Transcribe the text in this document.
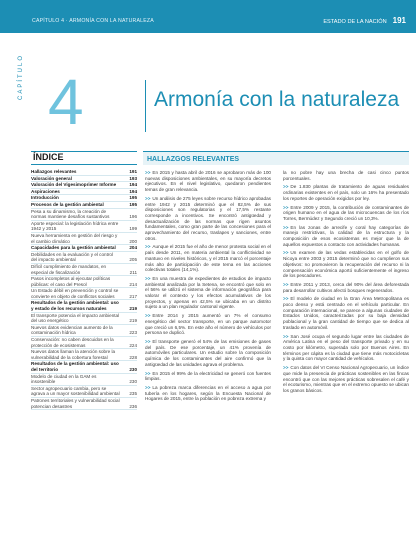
CAPÍTULO 4 · ARMONÍA CON LA NATURALEZA	ESTADO DE LA NACIÓN 191
CAPÍTULO 4	Armonía con la naturaleza
ÍNDICE
Hallazgos relevantes	191
Valoración general	193
Valoración del Vigesimoprimer Informe	194
Aspiraciones	194
Introducción	195
Procesos de la gestión ambiental	195
Pesa a su dinamismo, la creación de normas mantiene desafíos sustantivos	196
Aporte especial: la legislación hídrica entre 1942 y 2015	199
Nueva herramienta en gestión del riesgo y el cambio climático	200
Capacidades para la gestión ambiental	204
Debilidades en la evaluación y el control del impacto ambiental	205
Difícil cumplimiento de mandatos, en especial de fiscalización	211
Pasos incompletos al ejecutar políticas públicas: el caso del Presol	214
Un Estado débil en prevención y control se convierte en objeto de conflictos sociales	217
Resultados de la gestión ambiental: uso y estado de los recursos naturales	219
El transporte potencia el impacto ambiental del uso energético	219
Nuevos datos evidencian aumento de la contaminación hídrica	223
Conservación: no caben descuidos en la protección de ecosistemas	224
Nuevos datos llaman la atención sobre la vulnerabilidad de la cobertura forestal	228
Resultados de la gestión ambiental: uso del territorio	230
Modelo de ciudad en la GAM es insostenible	230
Sector agropecuario cambia, pero se agrava a un mayor sostenibilidad ambiental	235
Patrones territoriales y vulnerabilidad social potencian desastres	236
HALLAZGOS RELEVANTES

>> En 2015 y hasta abril de 2016 se aprobaron más de 100 nuevas disposiciones ambientales, en su mayoría decretos ejecutivos. En el nivel legislativo, quedaron pendientes temas de gran relevancia.

>> Un análisis de 275 leyes sobre recurso hídrico aprobadas entre 1942 y 2015 determinó que el 82,5% de sus disposiciones son regulatorias y el 17,5% restante corresponde a incentivos. Se encontró antigüedad y desactualización de las normas que rigen asuntos fundamentales, como gran parte de las concesiones para el aprovechamiento del recurso, traslapes y sanciones, entre otros.

>> Aunque el 2015 fue el año de menor protesta social en el país desde 2011, en materia ambiental la conflictividad se mantuvo en niveles históricos, y el 2015 marcó el porcentaje más alto de participación de este tema en las acciones colectivas totales (14,1%).

>> En una muestra de expedientes de estudios de impacto ambiental analizada por la Setena, se encontró que solo en el 56% se utilizó el sistema de información geográfica para valorar el contexto y los efectos acumulativos de los proyectos, y apenas en 42,5% se ubicaba en un distrito sujeto a un plan regulador cantonal vigente.

>> Entre 2014 y 2015 aumentó un 7% el consumo energético del sector transporte, en un parque automotor que creció un 6,5%. En este año el número de vehículos por persona se duplicó.

>> El transporte generó el 54% de las emisiones de gases del país. De ese porcentaje, un 41% provenía de automóviles particulares. Un estudio sobre la composición química de los contaminantes del aire confirmó que la antigüedad de las unidades agrava el problema.

>> En 2015 el 99% de la electricidad se generó con fuentes limpias.

>> La pobreza marca diferencias en el acceso a agua por tubería en los hogares, según la Encuesta Nacional de Hogares de 2015, entre la población en pobreza extrema y

la no pobre hay una brecha de casi cinco puntos porcentuales.

>> De 1.830 plantas de tratamiento de aguas residuales ordinarias existentes en el país, solo un 16% ha presentado los reportes de operación exigidos por ley.

>> Entre 2009 y 2015, la contribución de contaminantes de origen humano en el agua de las microcuencas de los ríos Torres, Bermúdez y Segundo creció un 10,3%.

>> En las zonas de arrecife y coral hay categorías de manejo restrictivas, la calidad de la estructura y la composición de esos ecosistemas es mejor que la de aquellos expuestos a contacto con actividades humanas.

>> Un examen de las vedas establecidas en el golfo de Nicoya entre 2003 y 2015 determinó que no cumplieron sus objetivos: no promovieron la recuperación del recurso ni la compensación económica aportó suficientemente el ingreso de los pescadores.

>> Entre 2011 y 2013, cerca del 90% del área deforestada para desarrollar cultivos afectó bosques regenerados.

>> El modelo de ciudad en la Gran Área Metropolitana es poco denso y está centrado en el vehículo particular. En comparación internacional, se parece a algunas ciudades de Estados Unidos, caracterizadas por su baja densidad poblacional y la gran cantidad de tiempo que se dedica al traslado en automóvil.

>> San José ocupa el segundo lugar entre las ciudades de América Latina en el peso del transporte privado y en su costo por kilómetro, superada solo por Buenos Aires. En términos per cápita es la ciudad que tiene más motocicletas y la quinta con mayor cantidad de vehículos.

>> Con datos del VI Censo Nacional Agropecuario, un índice que mide la presencia de prácticas sostenibles en las fincas encontró que con las mejores prácticas sobresalen el café y el ecoturismo, mientras que en el extremo opuesto se ubican los granos básicos.
